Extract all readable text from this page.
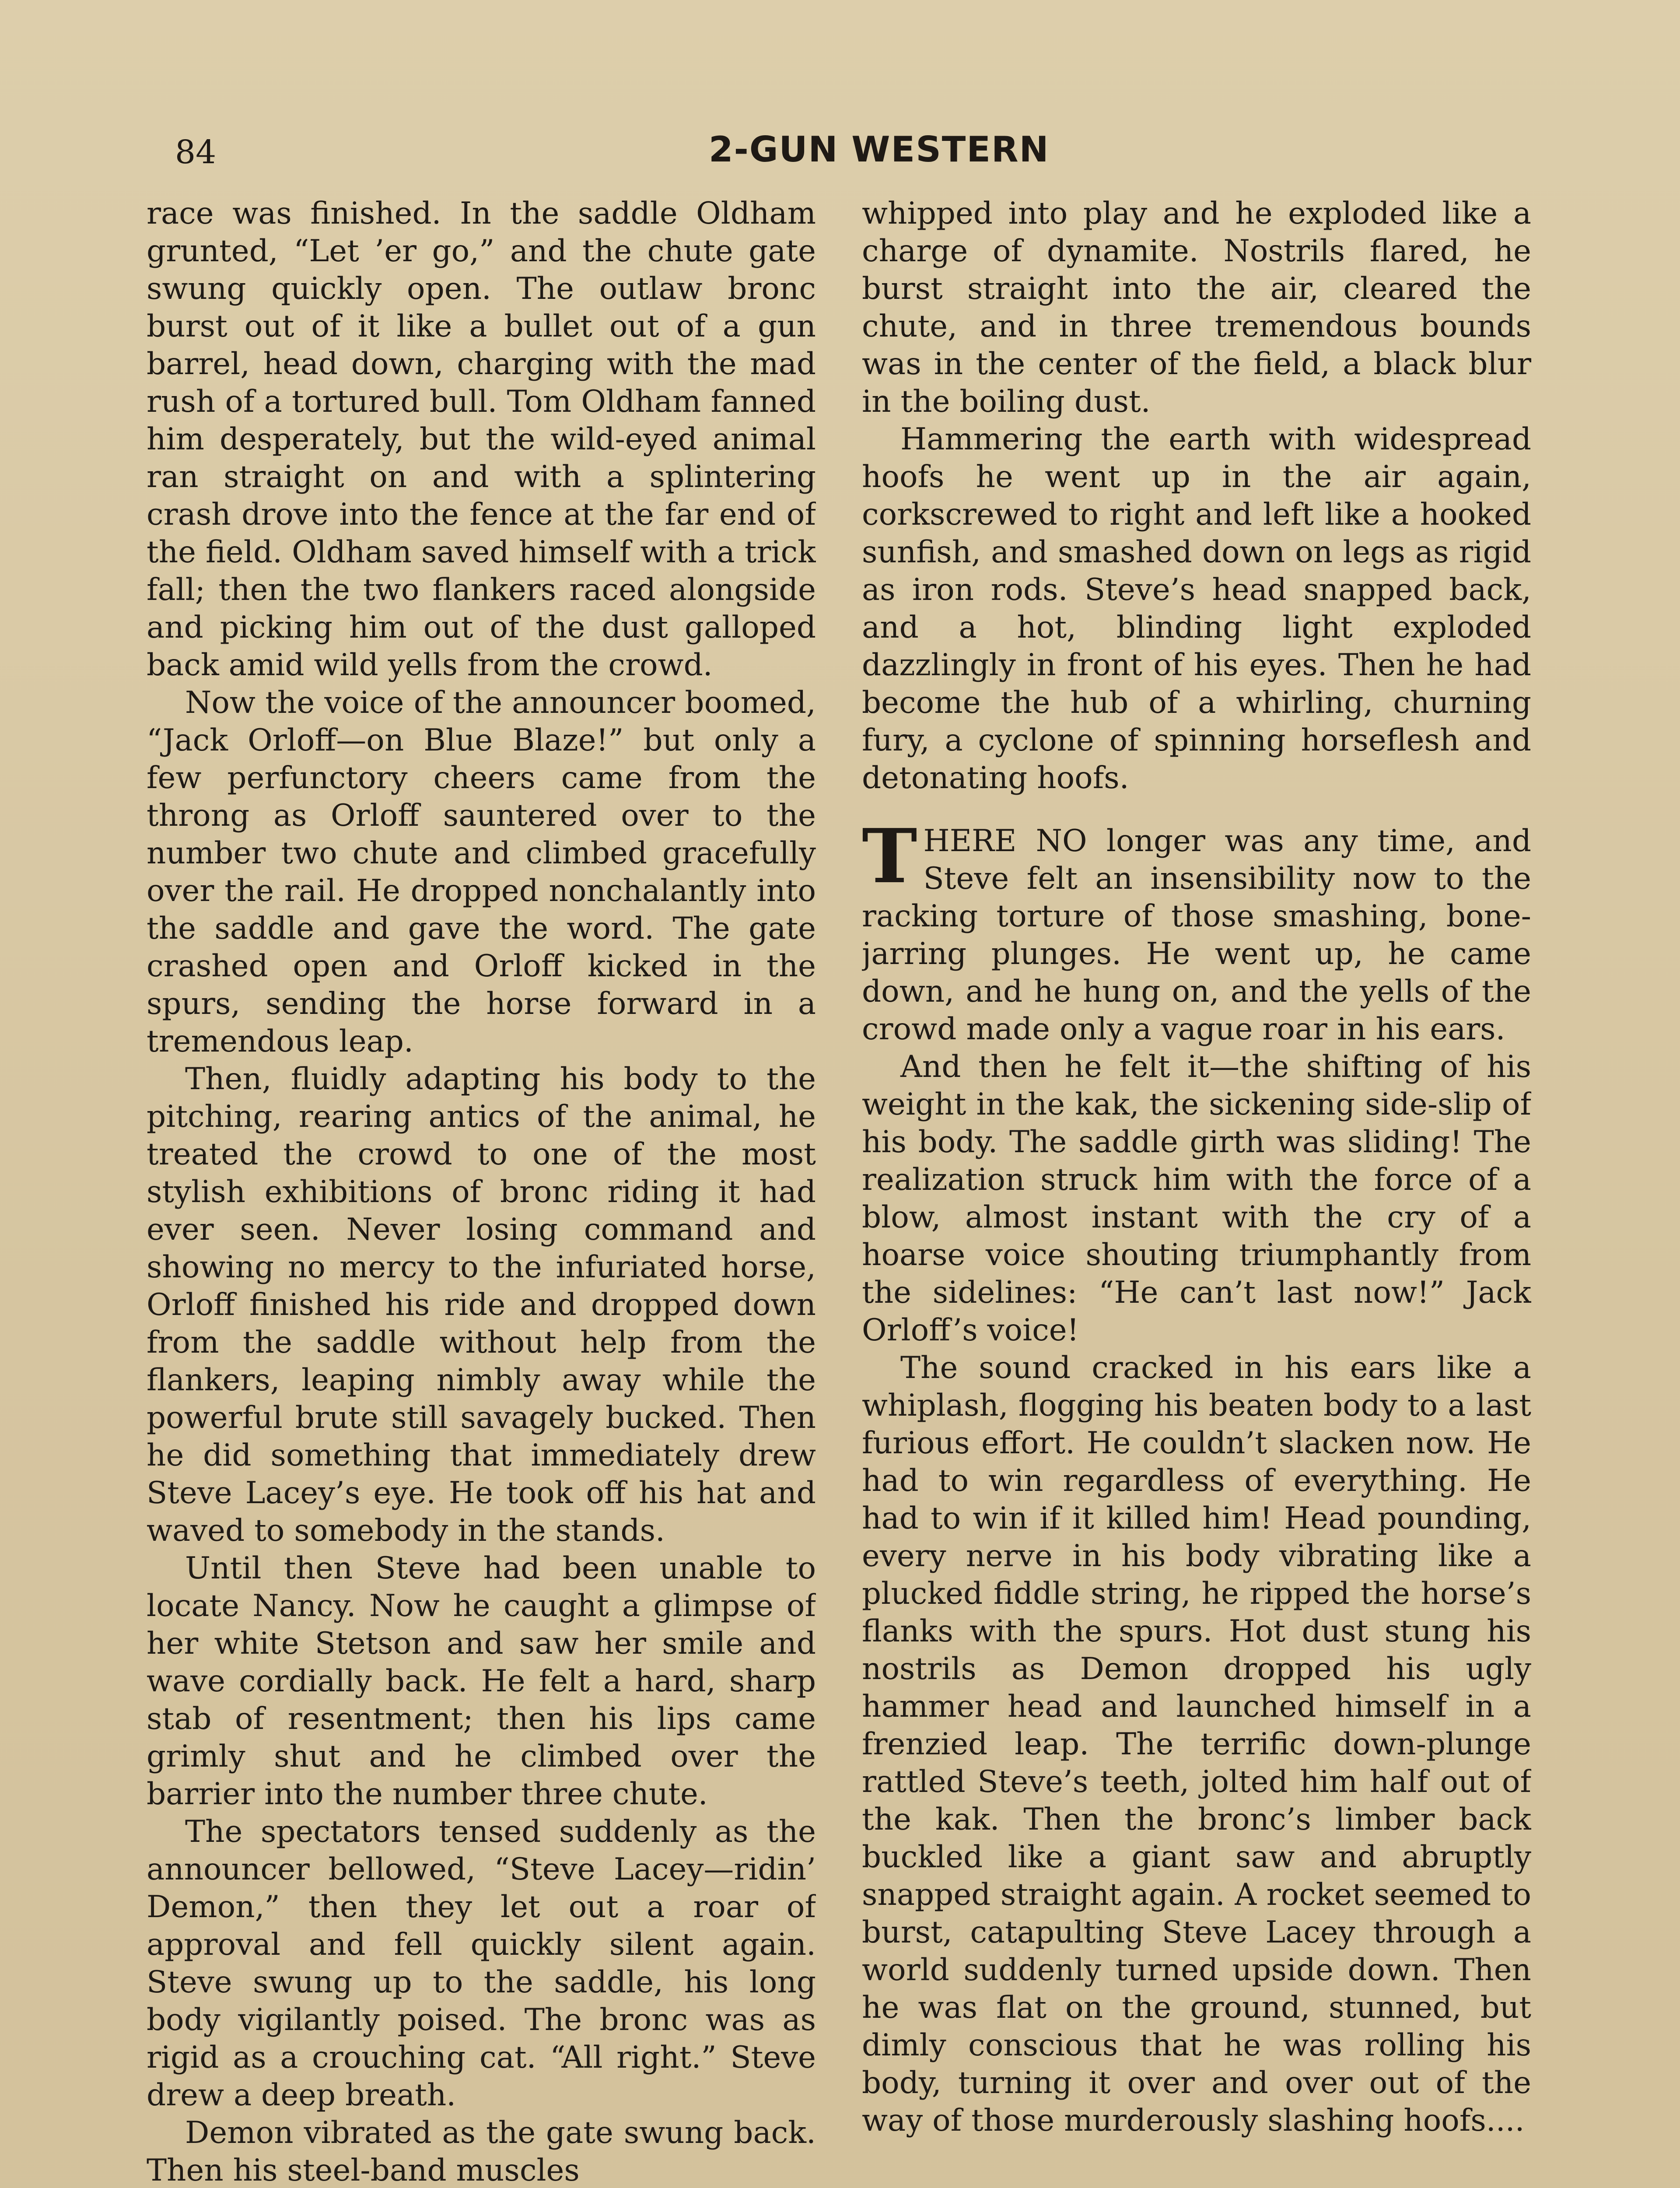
84	2-GUN WESTERN

race was finished. In the saddle Oldham grunted, “Let ’er go,” and the chute gate swung quickly open. The outlaw bronc burst out of it like a bullet out of a gun barrel, head down, charging with the mad rush of a tortured bull. Tom Oldham fanned him desperately, but the wild-eyed animal ran straight on and with a splintering crash drove into the fence at the far end of the field. Oldham saved himself with a trick fall; then the two flankers raced alongside and picking him out of the dust galloped back amid wild yells from the crowd.

Now the voice of the announcer boomed, “Jack Orloff—on Blue Blaze!” but only a few perfunctory cheers came from the throng as Orloff sauntered over to the number two chute and climbed gracefully over the rail. He dropped nonchalantly into the saddle and gave the word. The gate crashed open and Orloff kicked in the spurs, sending the horse forward in a tremendous leap.

Then, fluidly adapting his body to the pitching, rearing antics of the animal, he treated the crowd to one of the most stylish exhibitions of bronc riding it had ever seen. Never losing command and showing no mercy to the infuriated horse, Orloff finished his ride and dropped down from the saddle without help from the flankers, leaping nimbly away while the powerful brute still savagely bucked. Then he did something that immediately drew Steve Lacey’s eye. He took off his hat and waved to somebody in the stands.

Until then Steve had been unable to locate Nancy. Now he caught a glimpse of her white Stetson and saw her smile and wave cordially back. He felt a hard, sharp stab of resentment; then his lips came grimly shut and he climbed over the barrier into the number three chute.

The spectators tensed suddenly as the announcer bellowed, “Steve Lacey—ridin’ Demon,” then they let out a roar of approval and fell quickly silent again. Steve swung up to the saddle, his long body vigilantly poised. The bronc was as rigid as a crouching cat. “All right.” Steve drew a deep breath.

Demon vibrated as the gate swung back. Then his steel-band muscles

whipped into play and he exploded like a charge of dynamite. Nostrils flared, he burst straight into the air, cleared the chute, and in three tremendous bounds was in the center of the field, a black blur in the boiling dust.

Hammering the earth with widespread hoofs he went up in the air again, corkscrewed to right and left like a hooked sunfish, and smashed down on legs as rigid as iron rods. Steve’s head snapped back, and a hot, blinding light exploded dazzlingly in front of his eyes. Then he had become the hub of a whirling, churning fury, a cyclone of spinning horseflesh and detonating hoofs.

THERE NO longer was any time, and Steve felt an insensibility now to the racking torture of those smashing, bone-jarring plunges. He went up, he came down, and he hung on, and the yells of the crowd made only a vague roar in his ears.

And then he felt it—the shifting of his weight in the kak, the sickening side-slip of his body. The saddle girth was sliding! The realization struck him with the force of a blow, almost instant with the cry of a hoarse voice shouting triumphantly from the sidelines: “He can’t last now!” Jack Orloff’s voice!

The sound cracked in his ears like a whiplash, flogging his beaten body to a last furious effort. He couldn’t slacken now. He had to win regardless of everything. He had to win if it killed him! Head pounding, every nerve in his body vibrating like a plucked fiddle string, he ripped the horse’s flanks with the spurs. Hot dust stung his nostrils as Demon dropped his ugly hammer head and launched himself in a frenzied leap. The terrific down-plunge rattled Steve’s teeth, jolted him half out of the kak. Then the bronc’s limber back buckled like a giant saw and abruptly snapped straight again. A rocket seemed to burst, catapulting Steve Lacey through a world suddenly turned upside down. Then he was flat on the ground, stunned, but dimly conscious that he was rolling his body, turning it over and over out of the way of those murderously slashing hoofs....
